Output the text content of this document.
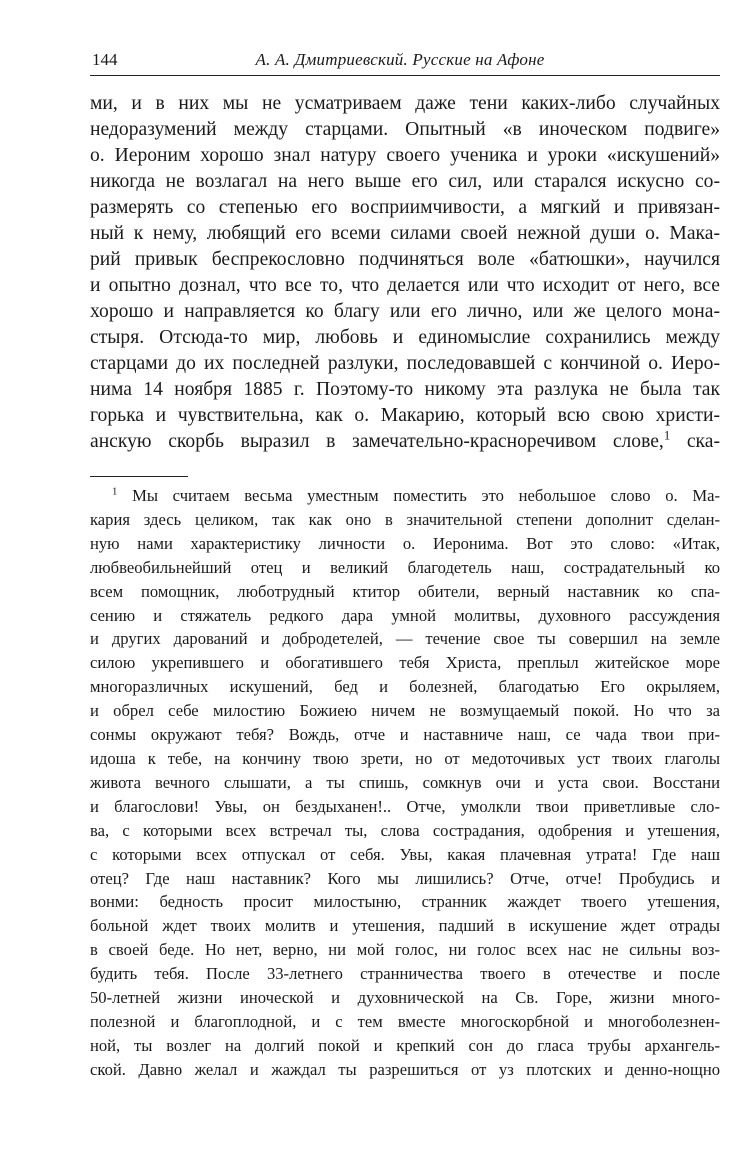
144	А. А. Дмитриевский. Русские на Афоне

ми, и в них мы не усматриваем даже тени каких-либо случайных
недоразумений между старцами. Опытный «в иноческом подвиге»
о. Иероним хорошо знал натуру своего ученика и уроки «искушений»
никогда не возлагал на него выше его сил, или старался искусно со-
размерять со степенью его восприимчивости, а мягкий и привязан-
ный к нему, любящий его всеми силами своей нежной души о. Мака-
рий привык беспрекословно подчиняться воле «батюшки», научился
и опытно дознал, что все то, что делается или что исходит от него, все
хорошо и направляется ко благу или его лично, или же целого мона-
стыря. Отсюда-то мир, любовь и единомыслие сохранились между
старцами до их последней разлуки, последовавшей с кончиной о. Иеро-
нима 14 ноября 1885 г. Поэтому-то никому эта разлука не была так
горька и чувствительна, как о. Макарию, который всю свою христи-
анскую скорбь выразил в замечательно-красноречивом слове,$^1$ ска-
$^1$ Мы считаем весьма уместным поместить это небольшое слово о. Ма-
кария здесь целиком, так как оно в значительной степени дополнит сделан-
ную нами характеристику личности о. Иеронима. Вот это слово: «Итак,
любвеобильнейший отец и великий благодетель наш, сострадательный ко
всем помощник, люботрудный ктитор обители, верный наставник ко спа-
сению и стяжатель редкого дара умной молитвы, духовного рассуждения
и других дарований и добродетелей, — течение свое ты совершил на земле
силою укрепившего и обогатившего тебя Христа, преплыл житейское море
многоразличных искушений, бед и болезней, благодатью Его окрыляем,
и обрел себе милостию Божиею ничем не возмущаемый покой. Но что за
сонмы окружают тебя? Вождь, отче и наставниче наш, се чада твои при-
идоша к тебе, на кончину твою зрети, но от медоточивых уст твоих глаголы
живота вечного слышати, а ты спишь, сомкнув очи и уста свои. Восстани
и благослови! Увы, он бездыханен!.. Отче, умолкли твои приветливые сло-
ва, с которыми всех встречал ты, слова сострадания, одобрения и утешения,
с которыми всех отпускал от себя. Увы, какая плачевная утрата! Где наш
отец? Где наш наставник? Кого мы лишились? Отче, отче! Пробудись и
вонми: бедность просит милостыню, странник жаждет твоего утешения,
больной ждет твоих молитв и утешения, падший в искушение ждет отрады
в своей беде. Но нет, верно, ни мой голос, ни голос всех нас не сильны воз-
будить тебя. После 33-летнего странничества твоего в отечестве и после
50-летней жизни иноческой и духовнической на Св. Горе, жизни много-
полезной и благоплодной, и с тем вместе многоскорбной и многоболезнен-
ной, ты возлег на долгий покой и крепкий сон до гласа трубы архангель-
ской. Давно желал и жаждал ты разрешиться от уз плотских и денно-нощно
